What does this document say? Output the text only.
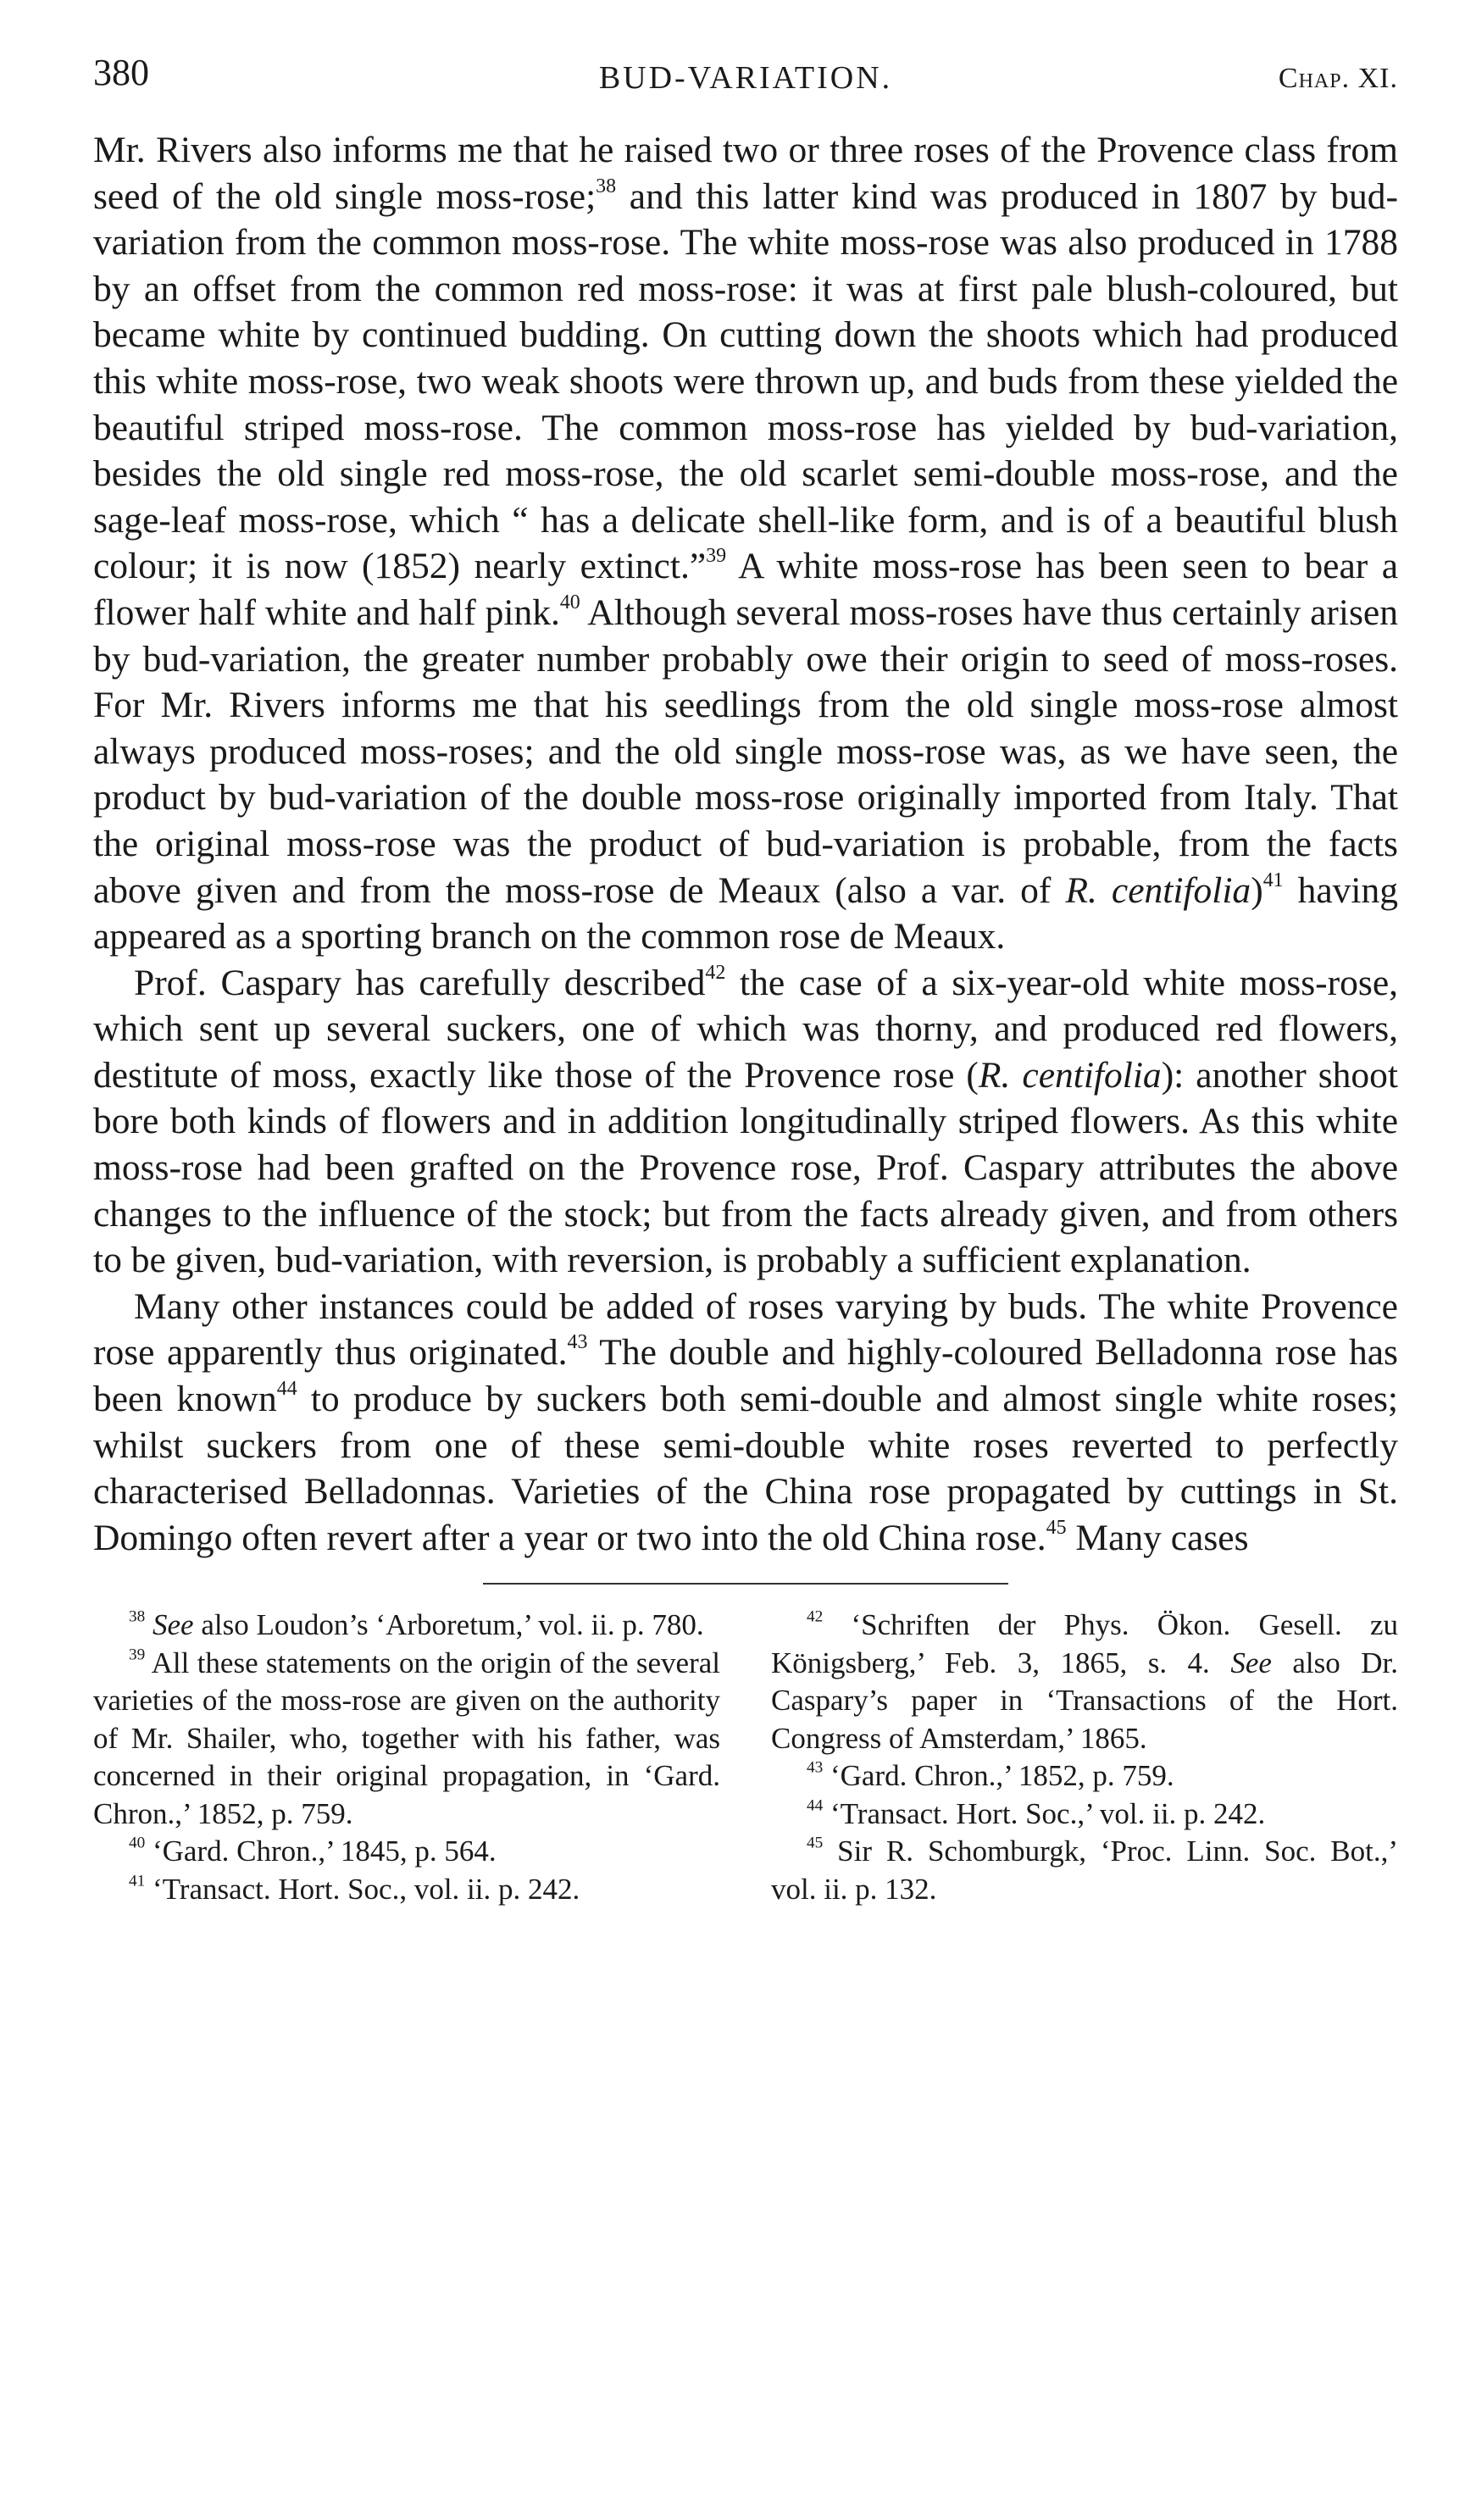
380	BUD-VARIATION.	Chap. XI.

Mr. Rivers also informs me that he raised two or three roses of the Provence class from seed of the old single moss-rose;$^{38}$ and this latter kind was produced in 1807 by bud-variation from the common moss-rose. The white moss-rose was also produced in 1788 by an offset from the common red moss-rose: it was at first pale blush-coloured, but became white by continued budding. On cutting down the shoots which had produced this white moss-rose, two weak shoots were thrown up, and buds from these yielded the beautiful striped moss-rose. The common moss-rose has yielded by bud-variation, besides the old single red moss-rose, the old scarlet semi-double moss-rose, and the sage-leaf moss-rose, which “ has a delicate shell-like form, and is of a beautiful blush colour; it is now (1852) nearly extinct.”$^{39}$ A white moss-rose has been seen to bear a flower half white and half pink.$^{40}$ Although several moss-roses have thus certainly arisen by bud-variation, the greater number probably owe their origin to seed of moss-roses. For Mr. Rivers informs me that his seedlings from the old single moss-rose almost always produced moss-roses; and the old single moss-rose was, as we have seen, the product by bud-variation of the double moss-rose originally imported from Italy. That the original moss-rose was the product of bud-variation is probable, from the facts above given and from the moss-rose de Meaux (also a var. of R. centifolia)$^{41}$ having appeared as a sporting branch on the common rose de Meaux.

Prof. Caspary has carefully described$^{42}$ the case of a six-year-old white moss-rose, which sent up several suckers, one of which was thorny, and produced red flowers, destitute of moss, exactly like those of the Provence rose (R. centifolia): another shoot bore both kinds of flowers and in addition longitudinally striped flowers. As this white moss-rose had been grafted on the Provence rose, Prof. Caspary attributes the above changes to the influence of the stock; but from the facts already given, and from others to be given, bud-variation, with reversion, is probably a sufficient explanation.

Many other instances could be added of roses varying by buds. The white Provence rose apparently thus originated.$^{43}$ The double and highly-coloured Belladonna rose has been known$^{44}$ to produce by suckers both semi-double and almost single white roses; whilst suckers from one of these semi-double white roses reverted to perfectly characterised Belladonnas. Varieties of the China rose propagated by cuttings in St. Domingo often revert after a year or two into the old China rose.$^{45}$ Many cases

$^{38}$ See also Loudon’s ‘Arboretum,’ vol. ii. p. 780.

$^{39}$ All these statements on the origin of the several varieties of the moss-rose are given on the authority of Mr. Shailer, who, together with his father, was concerned in their original propagation, in ‘Gard. Chron.,’ 1852, p. 759.

$^{40}$ ‘Gard. Chron.,’ 1845, p. 564.

$^{41}$ ‘Transact. Hort. Soc., vol. ii. p. 242.

$^{42}$ ‘Schriften der Phys. Ökon. Gesell. zu Königsberg,’ Feb. 3, 1865, s. 4. See also Dr. Caspary’s paper in ‘Transactions of the Hort. Congress of Amsterdam,’ 1865.

$^{43}$ ‘Gard. Chron.,’ 1852, p. 759.

$^{44}$ ‘Transact. Hort. Soc.,’ vol. ii. p. 242.

$^{45}$ Sir R. Schomburgk, ‘Proc. Linn. Soc. Bot.,’ vol. ii. p. 132.
